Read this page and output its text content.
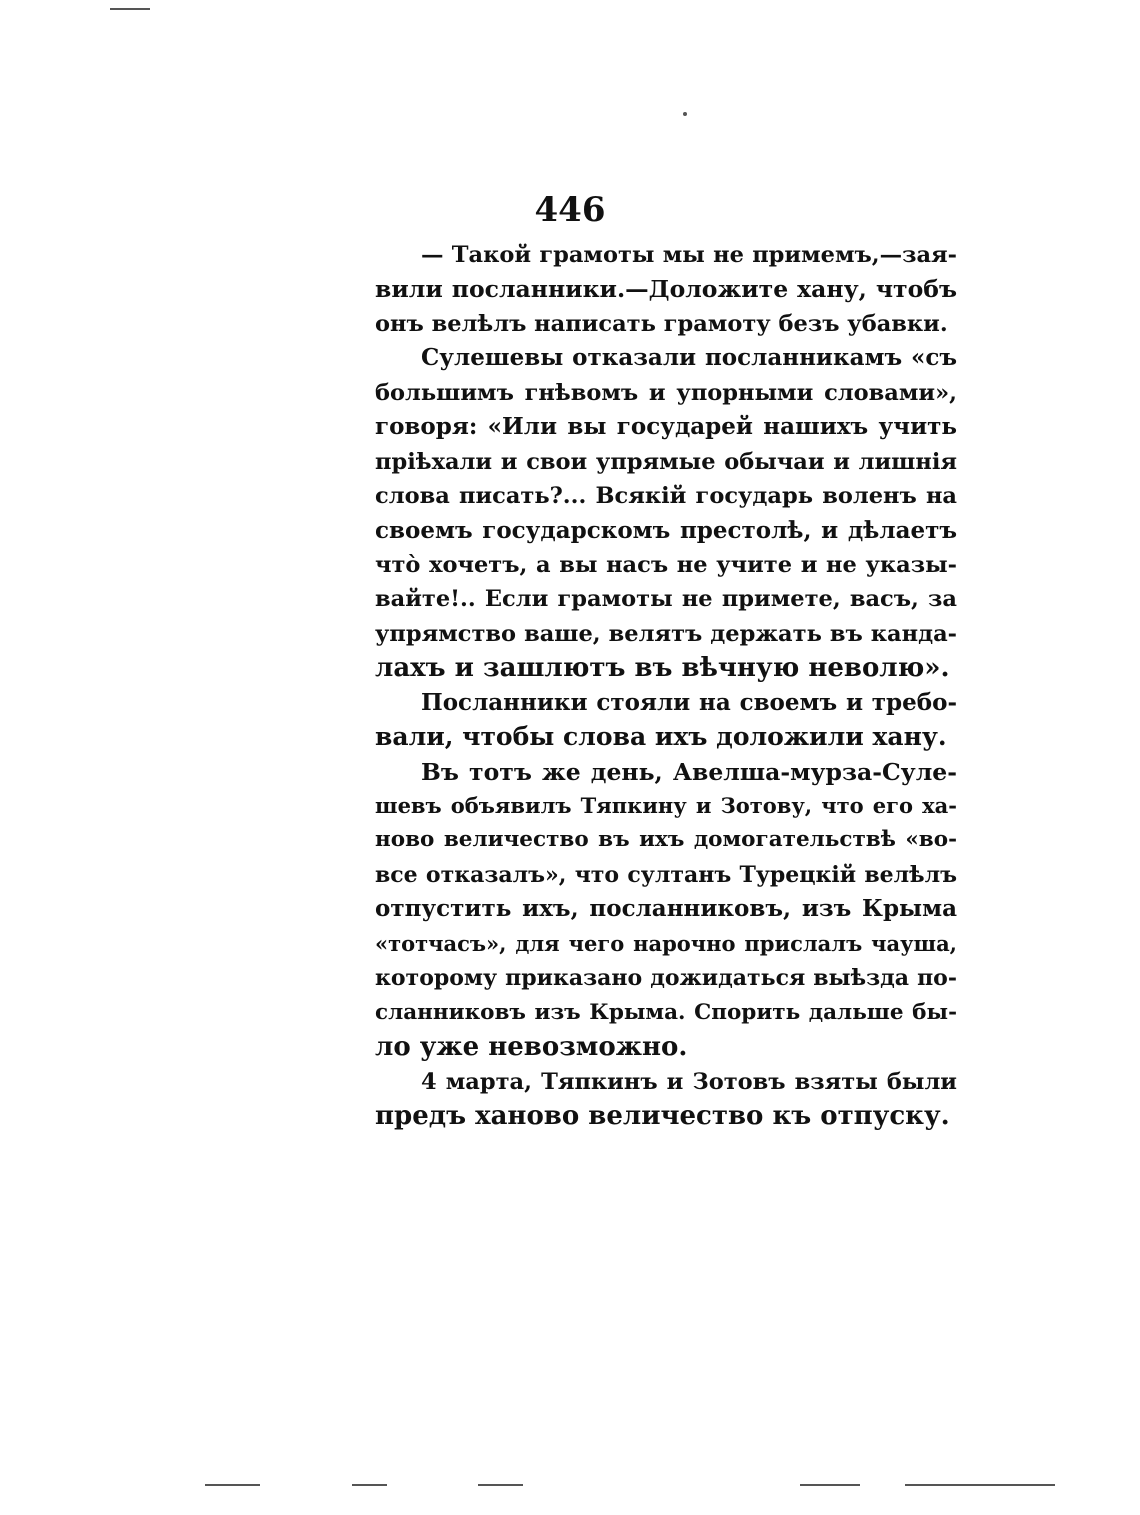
446
— Такой грамоты мы не примемъ,—зая-
вили посланники.—Доложите хану, чтобъ
онъ велѣлъ написать грамоту безъ убавки.
Сулешевы отказали посланникамъ «съ
большимъ гнѣвомъ и упорными словами»,
говоря: «Или вы государей нашихъ учить
прiѣхали и свои упрямые обычаи и лишнiя
слова писать?... Всякiй государь воленъ на
своемъ государскомъ престолѣ, и дѣлаетъ
чтò хочетъ, а вы насъ не учите и не указы-
вайте!.. Если грамоты не примете, васъ, за
упрямство ваше, велятъ держать въ канда-
лахъ и зашлютъ въ вѣчную неволю».
Посланники стояли на своемъ и требо-
вали, чтобы слова ихъ доложили хану.
Въ тотъ же день, Авелша-мурза-Суле-
шевъ объявилъ Тяпкину и Зотову, что его ха-
ново величество въ ихъ домогательствѣ «во-
все отказалъ», что султанъ Турецкiй велѣлъ
отпустить ихъ, посланниковъ, изъ Крыма
«тотчасъ», для чего нарочно прислалъ чауша,
которому приказано дожидаться выѣзда по-
сланниковъ изъ Крыма. Спорить дальше бы-
ло уже невозможно.
4 марта, Тяпкинъ и Зотовъ взяты были
предъ ханово величество къ отпуску.
